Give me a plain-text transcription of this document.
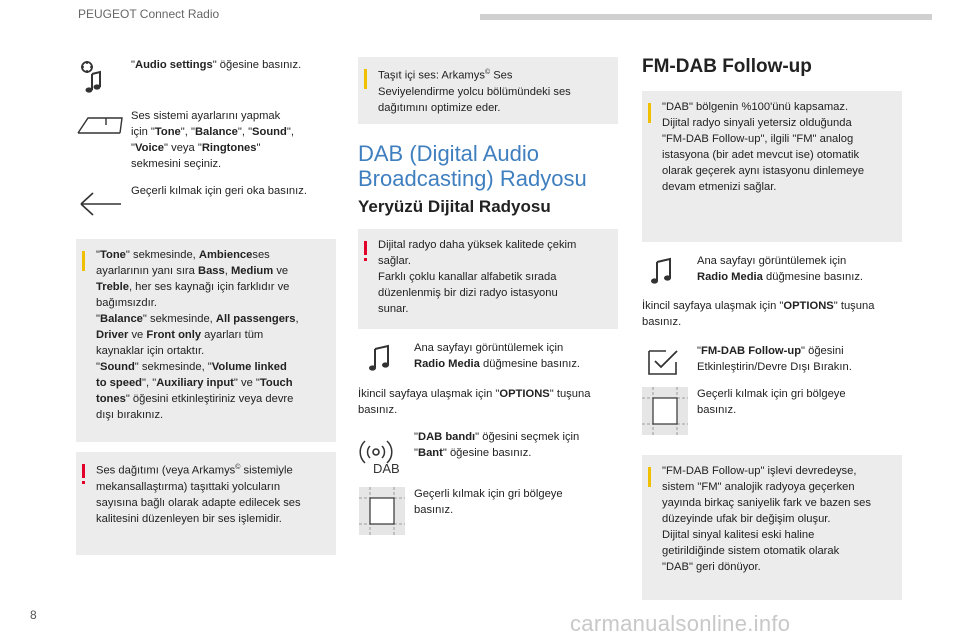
PEUGEOT Connect Radio
8	carmanualsonline.info
"Audio settings" öğesine basınız.
Ses sistemi ayarlarını yapmak
için "Tone", "Balance", "Sound",
"Voice" veya "Ringtones"
sekmesini seçiniz.
Geçerli kılmak için geri oka basınız.
"Tone" sekmesinde, Ambienceses
ayarlarının yanı sıra Bass, Medium ve
Treble, her ses kaynağı için farklıdır ve
bağımsızdır.
"Balance" sekmesinde, All passengers,
Driver ve Front only ayarları tüm
kaynaklar için ortaktır.
"Sound" sekmesinde, "Volume linked
to speed", "Auxiliary input" ve "Touch
tones" öğesini etkinleştiriniz veya devre
dışı bırakınız.
Ses dağıtımı (veya Arkamys© sistemiyle
mekansallaştırma) taşıttaki yolcuların
sayısına bağlı olarak adapte edilecek ses
kalitesini düzenleyen bir ses işlemidir.
Taşıt içi ses: Arkamys© Ses
Seviyelendirme yolcu bölümündeki ses
dağıtımını optimize eder.
DAB (Digital Audio
Broadcasting) Radyosu
Yeryüzü Dijital Radyosu
Dijital radyo daha yüksek kalitede çekim
sağlar.
Farklı çoklu kanallar alfabetik sırada
düzenlenmiş bir dizi radyo istasyonu
sunar.
Ana sayfayı görüntülemek için
Radio Media düğmesine basınız.
İkincil sayfaya ulaşmak için "OPTIONS" tuşuna
basınız.
DAB
"DAB bandı" öğesini seçmek için
"Bant" öğesine basınız.
Geçerli kılmak için gri bölgeye
basınız.
FM-DAB Follow-up
"DAB" bölgenin %100'ünü kapsamaz.
Dijital radyo sinyali yetersiz olduğunda
"FM-DAB Follow-up", ilgili "FM" analog
istasyona (bir adet mevcut ise) otomatik
olarak geçerek aynı istasyonu dinlemeye
devam etmenizi sağlar.
Ana sayfayı görüntülemek için
Radio Media düğmesine basınız.
İkincil sayfaya ulaşmak için "OPTIONS" tuşuna
basınız.
"FM-DAB Follow-up" öğesini
Etkinleştirin/Devre Dışı Bırakın.
Geçerli kılmak için gri bölgeye
basınız.
"FM-DAB Follow-up" işlevi devredeyse,
sistem "FM" analojik radyoya geçerken
yayında birkaç saniyelik fark ve bazen ses
düzeyinde ufak bir değişim oluşur.
Dijital sinyal kalitesi eski haline
getirildiğinde sistem otomatik olarak
"DAB" geri dönüyor.
